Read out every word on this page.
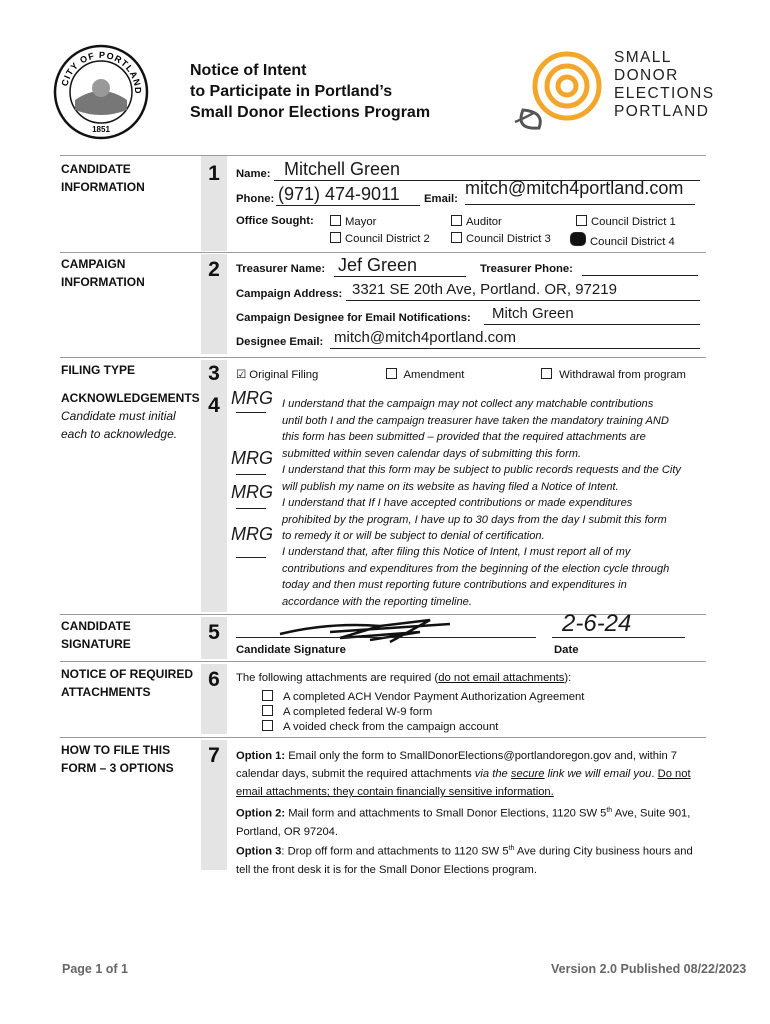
CITY OF PORTLAND
1851
Notice of Intent
to Participate in Portland’s
Small Donor Elections Program
SMALL
DONOR
ELECTIONS
PORTLAND
1
2
3
4
5
6
7
CANDIDATE
INFORMATION
CAMPAIGN
INFORMATION
FILING TYPE
ACKNOWLEDGEMENTS
Candidate must initial
each to acknowledge.
CANDIDATE
SIGNATURE
NOTICE OF REQUIRED
ATTACHMENTS
HOW TO FILE THIS
FORM – 3 OPTIONS
Name: Mitchell Green
Phone: (971) 474-9011 Email:
mitch@mitch4portland.com
Office Sought:	Mayor	Auditor	Council District 1
Council District 2	Council District 3	Council District 4
Treasurer Name: Jef Green	Treasurer Phone:
Campaign Address: 3321 SE 20th Ave, Portland. OR, 97219
Campaign Designee for Email Notifications: Mitch Green
Designee Email: mitch@mitch4portland.com
☑ Original Filing	Amendment	Withdrawal from program
MRG I understand that the campaign may not collect any matchable contributions
until both I and the campaign treasurer have taken the mandatory training AND
this form has been submitted – provided that the required attachments are
submitted within seven calendar days of submitting this form.
MRG
I understand that this form may be subject to public records requests and the City
will publish my name on its website as having filed a Notice of Intent.
MRG
I understand that If I have accepted contributions or made expenditures
prohibited by the program, I have up to 30 days from the day I submit this form
to remedy it or will be subject to denial of certification.
MRG
I understand that, after filing this Notice of Intent, I must report all of my
contributions and expenditures from the beginning of the election cycle through
today and then must reporting future contributions and expenditures in
accordance with the reporting timeline.
Candidate Signature
2-6-24
Date
The following attachments are required (do not email attachments):
A completed ACH Vendor Payment Authorization Agreement
A completed federal W-9 form
A voided check from the campaign account
Option 1: Email only the form to SmallDonorElections@portlandoregon.gov and, within 7
calendar days, submit the required attachments via the secure link we will email you. Do not
email attachments; they contain financially sensitive information.
Option 2: Mail form and attachments to Small Donor Elections, 1120 SW 5th Ave, Suite 901,
Portland, OR 97204.
Option 3: Drop off form and attachments to 1120 SW 5th Ave during City business hours and
tell the front desk it is for the Small Donor Elections program.
Page 1 of 1	Version 2.0 Published 08/22/2023
